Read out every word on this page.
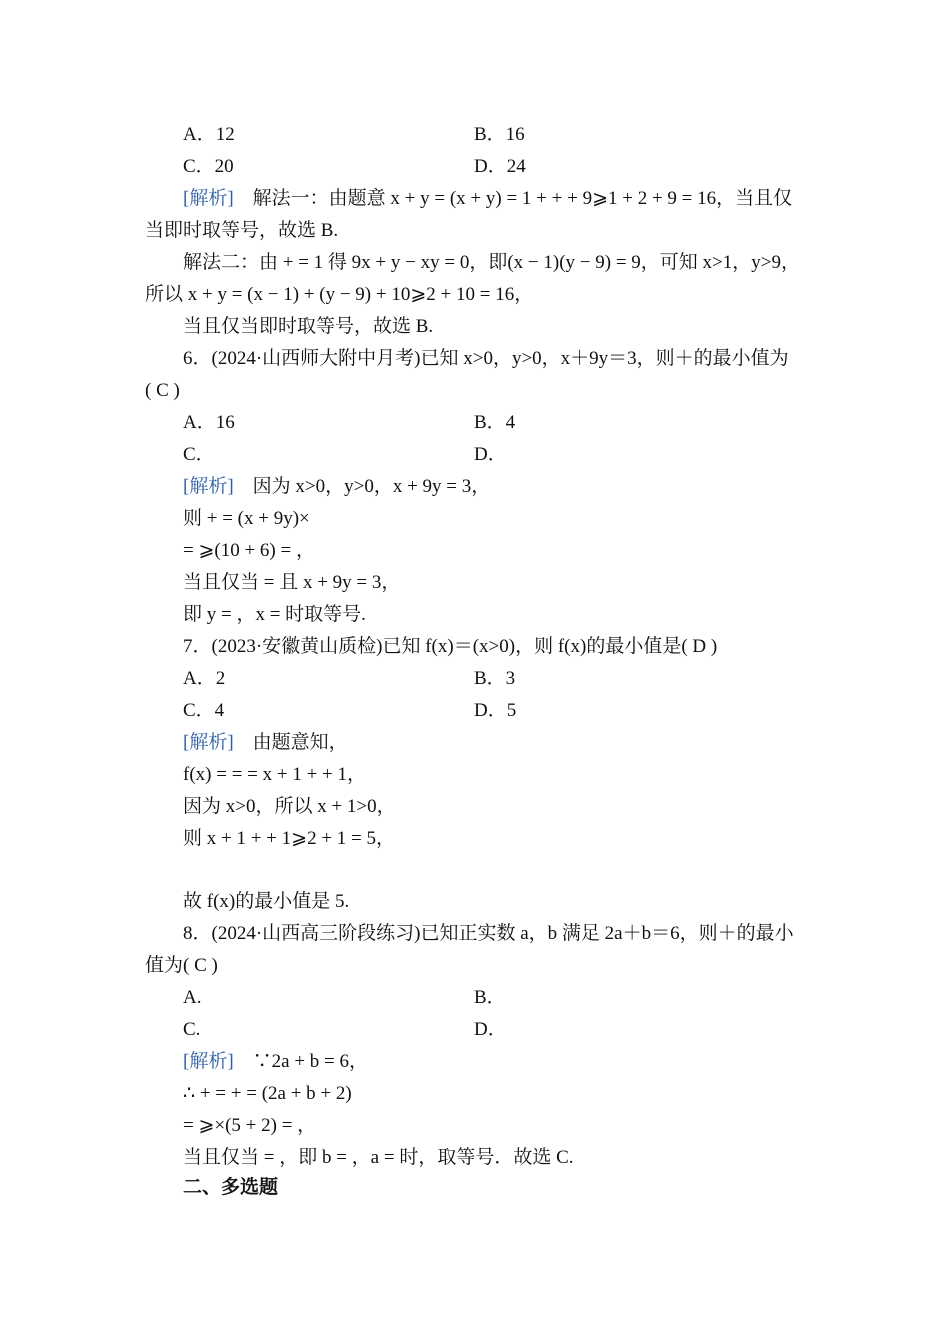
A．12	B．16
C．20	D．24
[解析]　解法一：由题意 x + y = (x + y) = 1 + + + 9⩾1 + 2 + 9 = 16，当且仅
当即时取等号，故选 B.
解法二：由 + = 1 得 9x + y − xy = 0，即(x − 1)(y − 9) = 9，可知 x>1，y>9，
所以 x + y = (x − 1) + (y − 9) + 10⩾2 + 10 = 16，
当且仅当即时取等号，故选 B.
6．(2024·山西师大附中月考)已知 x>0，y>0，x＋9y＝3，则＋的最小值为
( C )
A．16	B．4
C．	D．
[解析]　因为 x>0，y>0，x + 9y = 3，
则 + = (x + 9y)×
= ⩾(10 + 6) = ，
当且仅当 = 且 x + 9y = 3，
即 y = ，x = 时取等号.
7．(2023·安徽黄山质检)已知 f(x)＝(x>0)，则 f(x)的最小值是( D )
A．2	B．3
C．4	D．5
[解析]　由题意知，
f(x) = = = x + 1 + + 1，
因为 x>0，所以 x + 1>0，
则 x + 1 + + 1⩾2 + 1 = 5，
故 f(x)的最小值是 5.
8．(2024·山西高三阶段练习)已知正实数 a，b 满足 2a＋b＝6，则＋的最小
值为( C )
A.	B．
C.	D．
[解析]　∵2a + b = 6，
∴ + = + = (2a + b + 2)
= ⩾×(5 + 2) = ，
当且仅当 = ，即 b = ，a = 时，取等号．故选 C.
二、多选题
